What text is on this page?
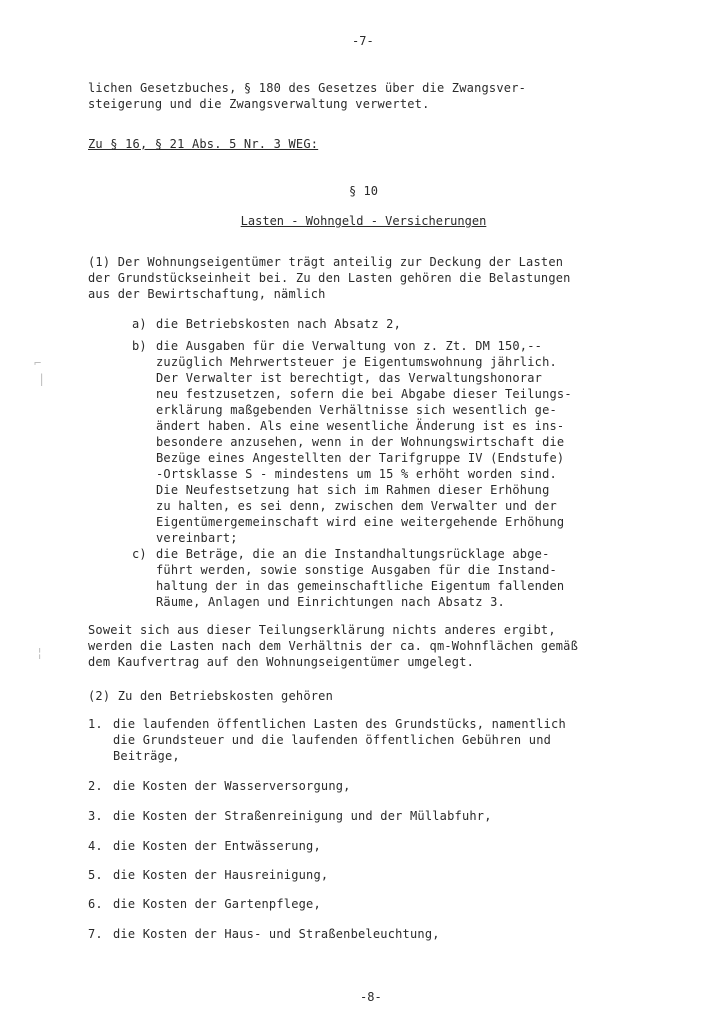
-7-
lichen Gesetzbuches, § 180 des Gesetzes über die Zwangsver-
steigerung und die Zwangsverwaltung verwertet.
Zu § 16, § 21 Abs. 5 Nr. 3 WEG:
§ 10
Lasten - Wohngeld - Versicherungen
(1) Der Wohnungseigentümer trägt anteilig zur Deckung der Lasten
der Grundstückseinheit bei. Zu den Lasten gehören die Belastungen
aus der Bewirtschaftung, nämlich
a) die Betriebskosten nach Absatz 2,
b) die Ausgaben für die Verwaltung von z. Zt. DM 150,--
zuzüglich Mehrwertsteuer je Eigentumswohnung jährlich.
Der Verwalter ist berechtigt, das Verwaltungshonorar
neu festzusetzen, sofern die bei Abgabe dieser Teilungs-
erklärung maßgebenden Verhältnisse sich wesentlich ge-
ändert haben. Als eine wesentliche Änderung ist es ins-
besondere anzusehen, wenn in der Wohnungswirtschaft die
Bezüge eines Angestellten der Tarifgruppe IV (Endstufe)
-Ortsklasse S - mindestens um 15 % erhöht worden sind.
Die Neufestsetzung hat sich im Rahmen dieser Erhöhung
zu halten, es sei denn, zwischen dem Verwalter und der
Eigentümergemeinschaft wird eine weitergehende Erhöhung
vereinbart;
c) die Beträge, die an die Instandhaltungsrücklage abge-
führt werden, sowie sonstige Ausgaben für die Instand-
haltung der in das gemeinschaftliche Eigentum fallenden
Räume, Anlagen und Einrichtungen nach Absatz 3.
Soweit sich aus dieser Teilungserklärung nichts anderes ergibt,
werden die Lasten nach dem Verhältnis der ca. qm-Wohnflächen gemäß
dem Kaufvertrag auf den Wohnungseigentümer umgelegt.
(2) Zu den Betriebskosten gehören
1. die laufenden öffentlichen Lasten des Grundstücks, namentlich
die Grundsteuer und die laufenden öffentlichen Gebühren und
Beiträge,
2. die Kosten der Wasserversorgung,
3. die Kosten der Straßenreinigung und der Müllabfuhr,
4. die Kosten der Entwässerung,
5. die Kosten der Hausreinigung,
6. die Kosten der Gartenpflege,
7. die Kosten der Haus- und Straßenbeleuchtung,
-8-
⌐
|
¦
